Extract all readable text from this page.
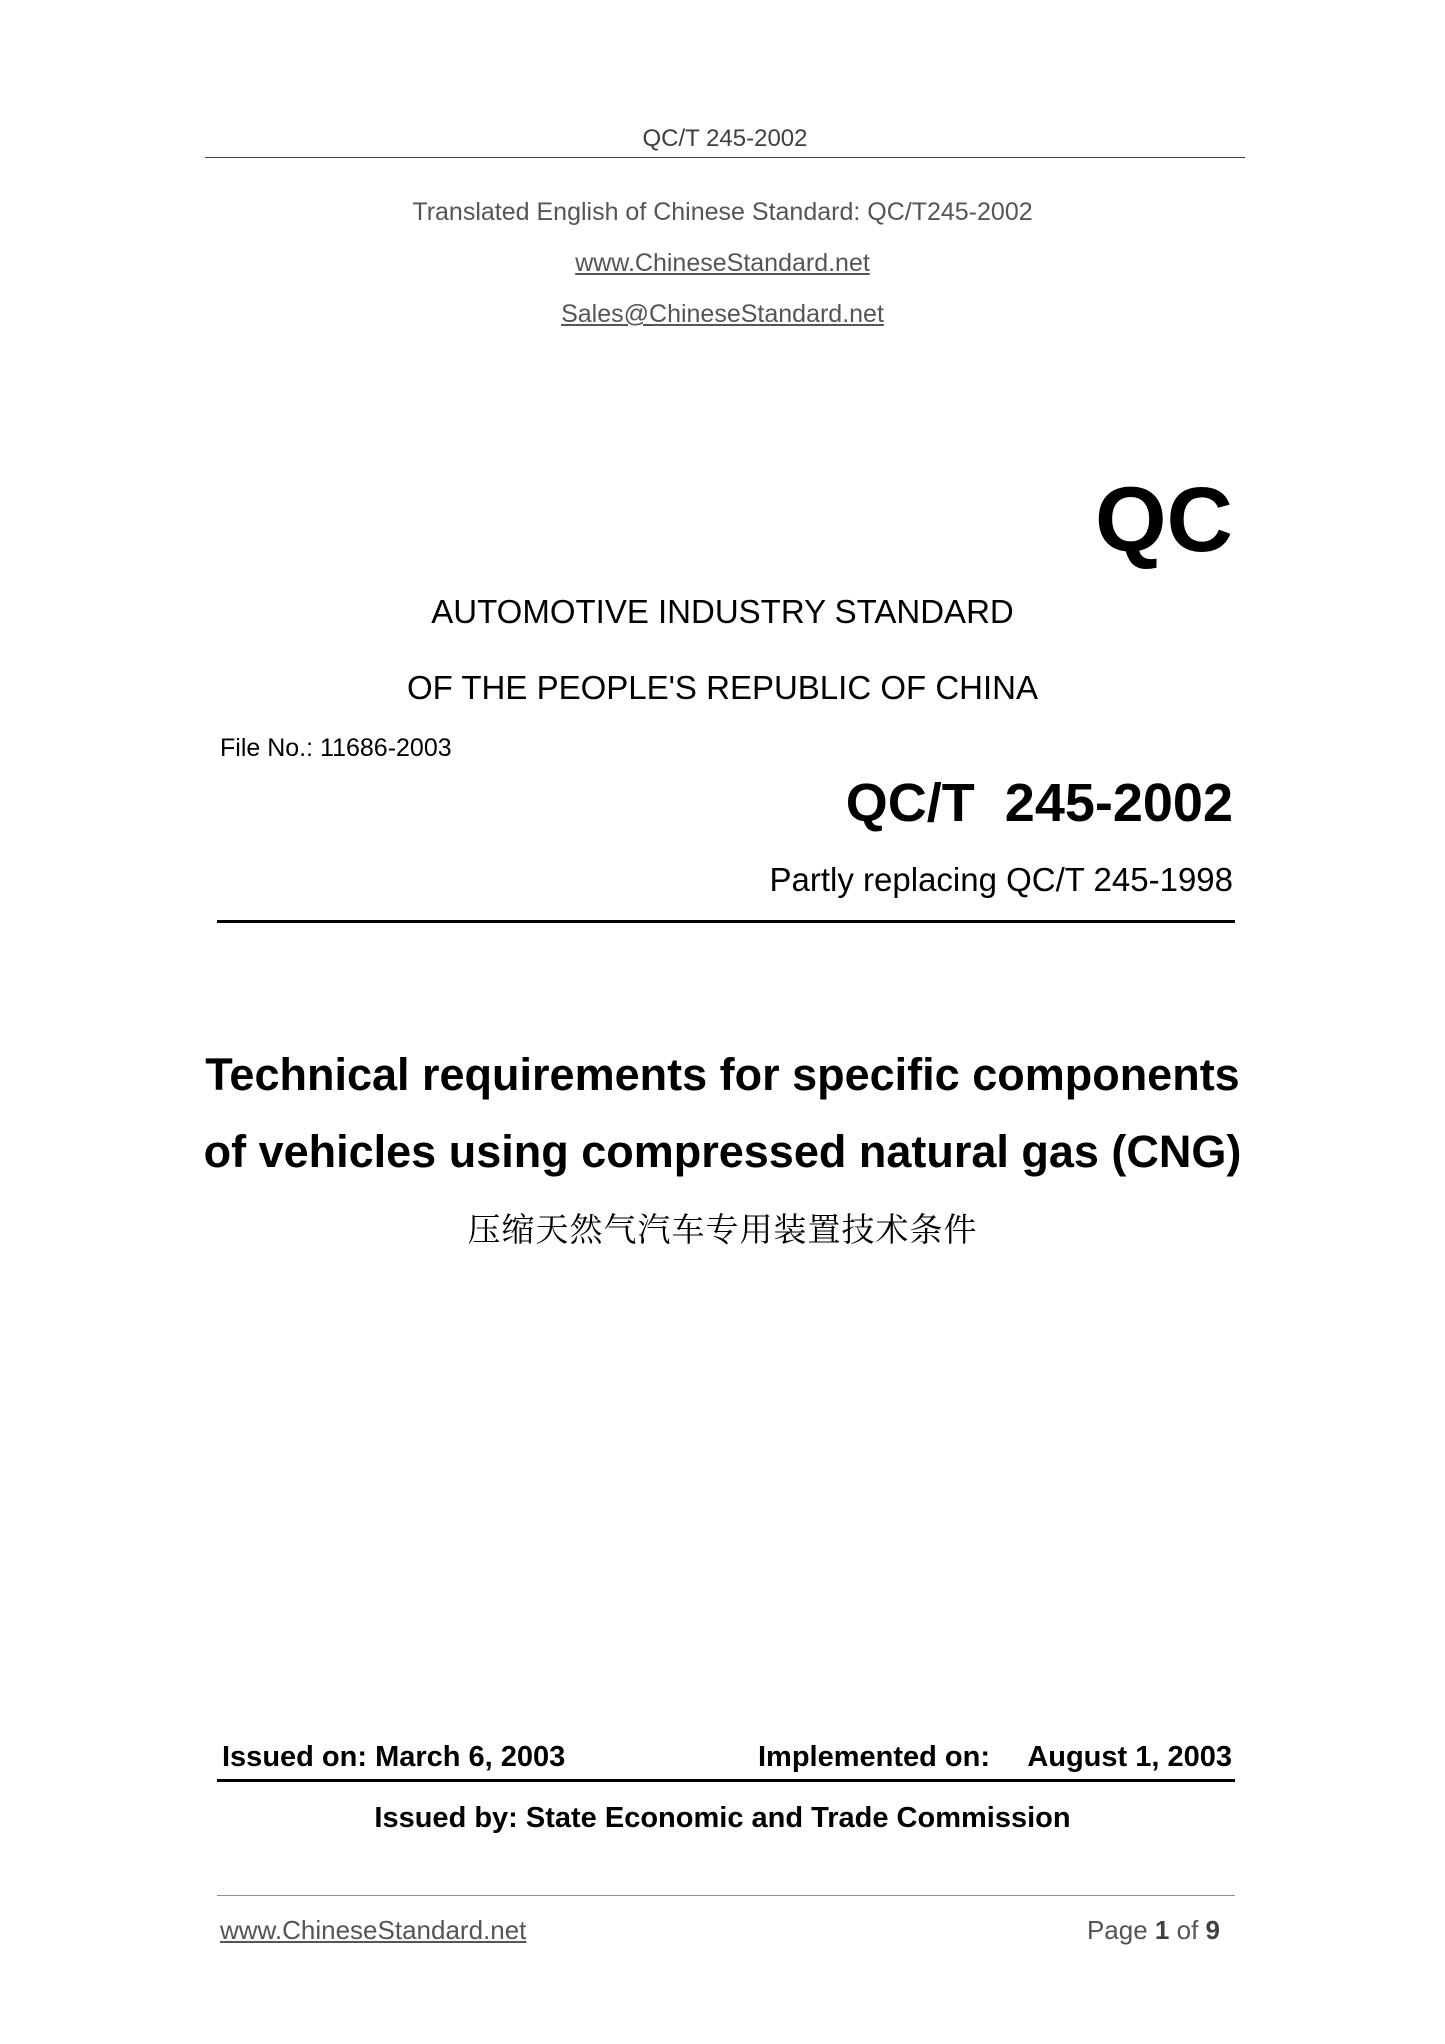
QC/T 245-2002
Translated English of Chinese Standard: QC/T245-2002
www.ChineseStandard.net
Sales@ChineseStandard.net
QC
AUTOMOTIVE INDUSTRY STANDARD
OF THE PEOPLE'S REPUBLIC OF CHINA
File No.: 11686-2003
QC/T  245-2002
Partly replacing QC/T 245-1998
Technical requirements for specific components
of vehicles using compressed natural gas (CNG)
压缩天然气汽车专用装置技术条件
Issued on: March 6, 2003	Implemented on: August 1, 2003
Issued by: State Economic and Trade Commission
www.ChineseStandard.net	Page 1 of 9
